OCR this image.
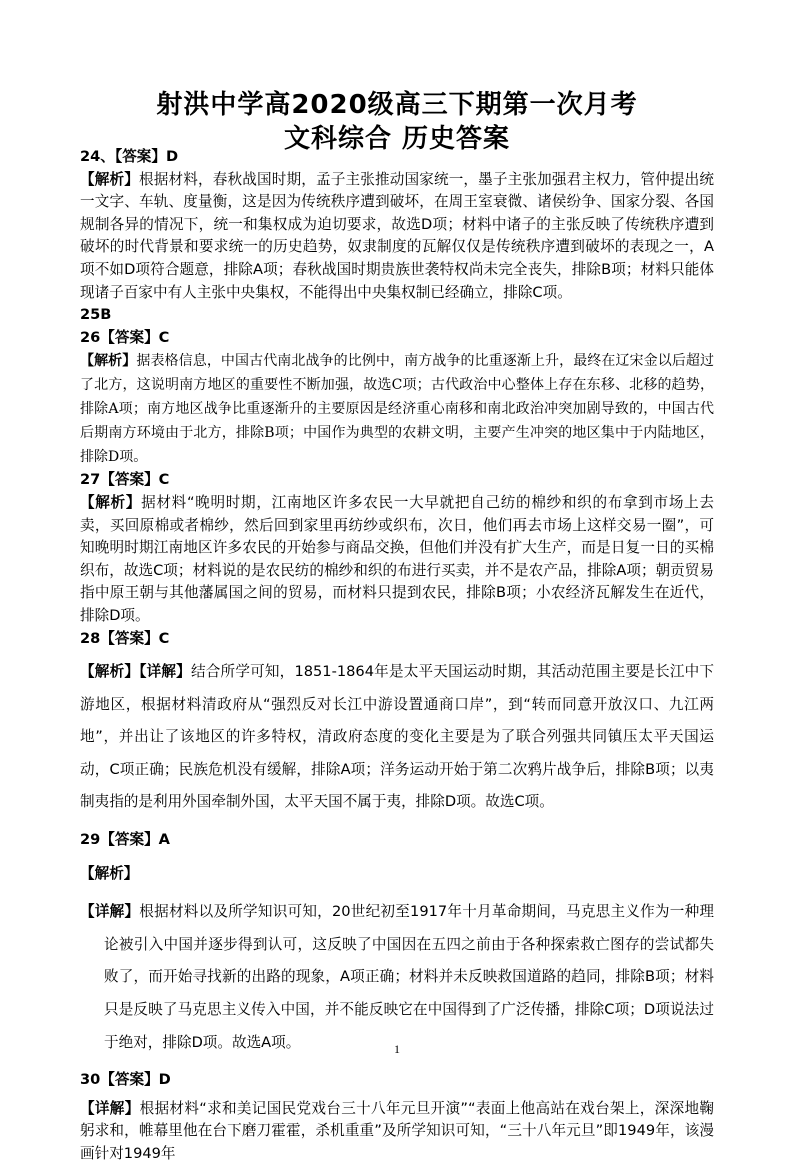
射洪中学高2020级高三下期第一次月考
文科综合 历史答案

24、【答案】D

【解析】根据材料，春秋战国时期，孟子主张推动国家统一，墨子主张加强君主权力，管仲提出统一文字、车轨、度量衡，这是因为传统秩序遭到破坏，在周王室衰微、诸侯纷争、国家分裂、各国规制各异的情况下，统一和集权成为迫切要求，故选D项；材料中诸子的主张反映了传统秩序遭到破坏的时代背景和要求统一的历史趋势，奴隶制度的瓦解仅仅是传统秩序遭到破坏的表现之一，A项不如D项符合题意，排除A项；春秋战国时期贵族世袭特权尚未完全丧失，排除B项；材料只能体现诸子百家中有人主张中央集权，不能得出中央集权制已经确立，排除C项。

25B

26【答案】C

【解析】据表格信息，中国古代南北战争的比例中，南方战争的比重逐渐上升，最终在辽宋金以后超过了北方，这说明南方地区的重要性不断加强，故选C项；古代政治中心整体上存在东移、北移的趋势，排除A项；南方地区战争比重逐渐升的主要原因是经济重心南移和南北政治冲突加剧导致的，中国古代后期南方环境由于北方，排除B项；中国作为典型的农耕文明，主要产生冲突的地区集中于内陆地区，排除D项。

27【答案】C

【解析】据材料“晚明时期，江南地区许多农民一大早就把自己纺的棉纱和织的布拿到市场上去卖，买回原棉或者棉纱，然后回到家里再纺纱或织布，次日，他们再去市场上这样交易一圈”，可知晚明时期江南地区许多农民的开始参与商品交换，但他们并没有扩大生产，而是日复一日的买棉织布，故选C项；材料说的是农民纺的棉纱和织的布进行买卖，并不是农产品，排除A项；朝贡贸易指中原王朝与其他藩属国之间的贸易，而材料只提到农民，排除B项；小农经济瓦解发生在近代，排除D项。

28【答案】C

【解析】【详解】结合所学可知，1851-1864年是太平天国运动时期，其活动范围主要是长江中下游地区，根据材料清政府从“强烈反对长江中游设置通商口岸”，到“转而同意开放汉口、九江两地”，并出让了该地区的许多特权，清政府态度的变化主要是为了联合列强共同镇压太平天国运动，C项正确；民族危机没有缓解，排除A项；洋务运动开始于第二次鸦片战争后，排除B项；以夷制夷指的是利用外国牵制外国，太平天国不属于夷，排除D项。故选C项。

29【答案】A

【解析】

【详解】根据材料以及所学知识可知，20世纪初至1917年十月革命期间，马克思主义作为一种理论被引入中国并逐步得到认可，这反映了中国因在五四之前由于各种探索救亡图存的尝试都失败了，而开始寻找新的出路的现象，A项正确；材料并未反映救国道路的趋同，排除B项；材料只是反映了马克思主义传入中国，并不能反映它在中国得到了广泛传播，排除C项；D项说法过于绝对，排除D项。故选A项。

30【答案】D

【详解】根据材料“求和美记国民党戏台三十八年元旦开演”“表面上他高站在戏台架上，深深地鞠躬求和，帷幕里他在台下磨刀霍霍，杀机重重”及所学知识可知，“三十八年元旦”即1949年，该漫画针对1949年

1
